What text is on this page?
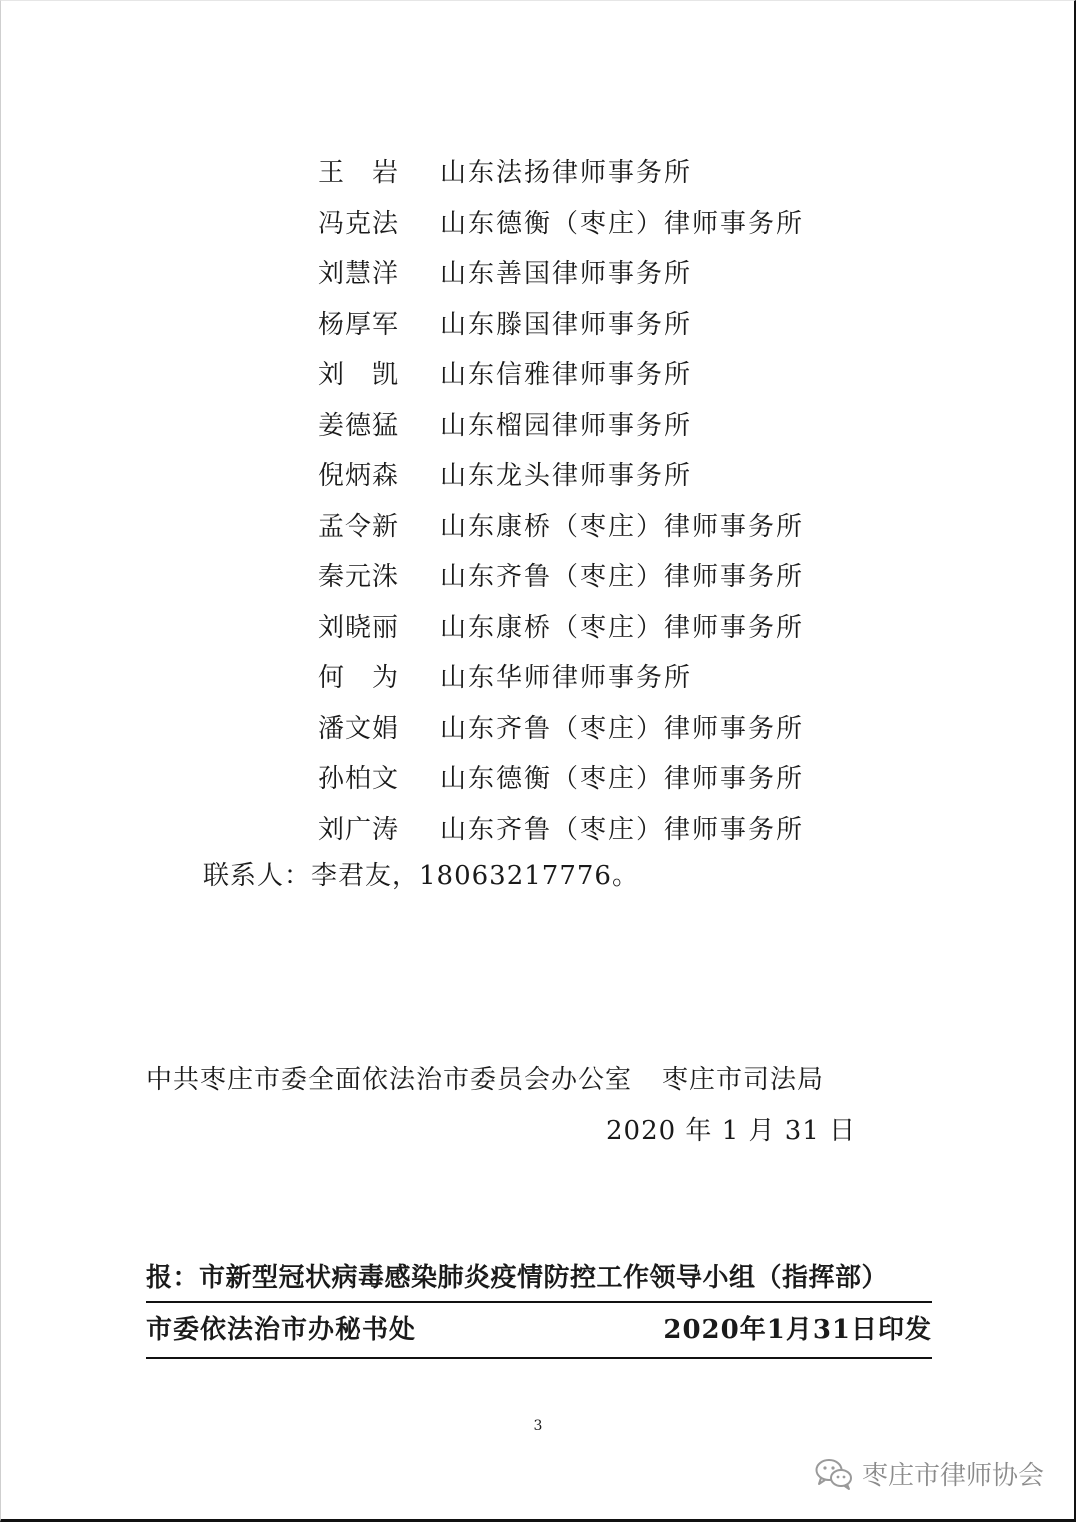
王　岩 山东法扬律师事务所
冯克法 山东德衡（枣庄）律师事务所
刘慧洋 山东善国律师事务所
杨厚军 山东滕国律师事务所
刘　凯山东信雅律师事务所
姜德猛山东榴园律师事务所
倪炳森 山东龙头律师事务所
孟令新 山东康桥（枣庄）律师事务所
秦元洙 山东齐鲁（枣庄）律师事务所
刘晓丽 山东康桥（枣庄）律师事务所
何　为 山东华师律师事务所
潘文娟 山东齐鲁（枣庄）律师事务所
孙柏文 山东德衡（枣庄）律师事务所
刘广涛 山东齐鲁（枣庄）律师事务所
联系人：李君友，18063217776。
中共枣庄市委全面依法治市委员会办公室 枣庄市司法局
2020 年 1 月 31 日
报：市新型冠状病毒感染肺炎疫情防控工作领导小组（指挥部）
市委依法治市办秘书处	2020年1月31日印发
3
枣庄市律师协会
